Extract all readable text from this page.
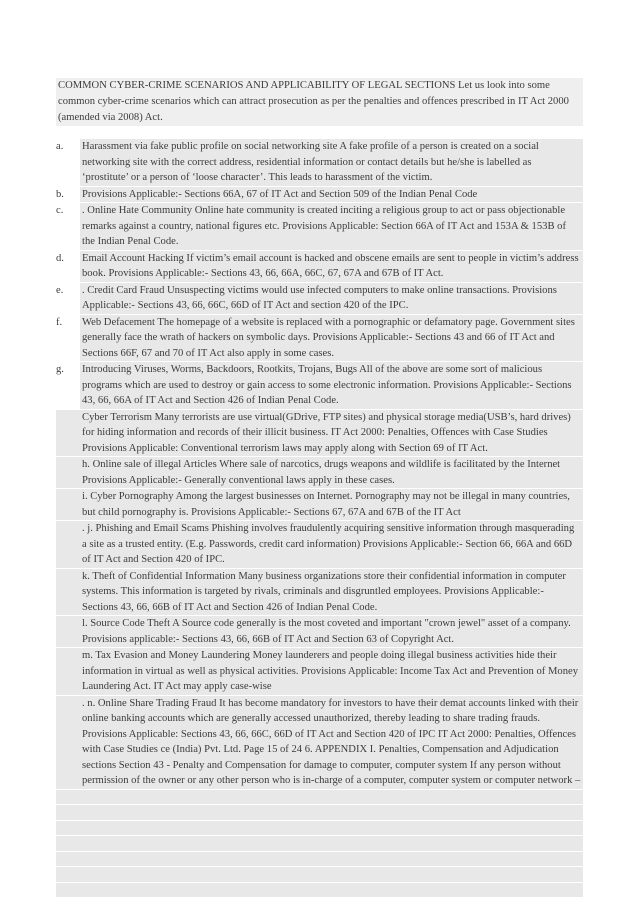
COMMON CYBER-CRIME SCENARIOS AND APPLICABILITY OF LEGAL SECTIONS Let us look into some common cyber-crime scenarios which can attract prosecution as per the penalties and offences prescribed in IT Act 2000 (amended via 2008) Act.
a.	Harassment via fake public profile on social networking site A fake profile of a person is created on a social networking site with the correct address, residential information or contact details but he/she is labelled as ‘prostitute’ or a person of ‘loose character’. This leads to harassment of the victim.
b.	Provisions Applicable:- Sections 66A, 67 of IT Act and Section 509 of the Indian Penal Code
c.	. Online Hate Community Online hate community is created inciting a religious group to act or pass objectionable remarks against a country, national figures etc. Provisions Applicable: Section 66A of IT Act and 153A & 153B of the Indian Penal Code.
d.	Email Account Hacking If victim’s email account is hacked and obscene emails are sent to people in victim’s address book. Provisions Applicable:- Sections 43, 66, 66A, 66C, 67, 67A and 67B of IT Act.
e.	. Credit Card Fraud Unsuspecting victims would use infected computers to make online transactions. Provisions Applicable:- Sections 43, 66, 66C, 66D of IT Act and section 420 of the IPC.
f.	Web Defacement The homepage of a website is replaced with a pornographic or defamatory page. Government sites generally face the wrath of hackers on symbolic days. Provisions Applicable:- Sections 43 and 66 of IT Act and Sections 66F, 67 and 70 of IT Act also apply in some cases.
g.	Introducing Viruses, Worms, Backdoors, Rootkits, Trojans, Bugs All of the above are some sort of malicious programs which are used to destroy or gain access to some electronic information. Provisions Applicable:- Sections 43, 66, 66A of IT Act and Section 426 of Indian Penal Code.
Cyber Terrorism Many terrorists are use virtual(GDrive, FTP sites) and physical storage media(USB’s, hard drives) for hiding information and records of their illicit business. IT Act 2000: Penalties, Offences with Case Studies Provisions Applicable: Conventional terrorism laws may apply along with Section 69 of IT Act.
h. Online sale of illegal Articles Where sale of narcotics, drugs weapons and wildlife is facilitated by the Internet Provisions Applicable:- Generally conventional laws apply in these cases.
i. Cyber Pornography Among the largest businesses on Internet. Pornography may not be illegal in many countries, but child pornography is. Provisions Applicable:- Sections 67, 67A and 67B of the IT Act
. j. Phishing and Email Scams Phishing involves fraudulently acquiring sensitive information through masquerading a site as a trusted entity. (E.g. Passwords, credit card information) Provisions Applicable:- Section 66, 66A and 66D of IT Act and Section 420 of IPC.
k. Theft of Confidential Information Many business organizations store their confidential information in computer systems. This information is targeted by rivals, criminals and disgruntled employees. Provisions Applicable:- Sections 43, 66, 66B of IT Act and Section 426 of Indian Penal Code.
l. Source Code Theft A Source code generally is the most coveted and important "crown jewel" asset of a company. Provisions applicable:- Sections 43, 66, 66B of IT Act and Section 63 of Copyright Act.
m. Tax Evasion and Money Laundering Money launderers and people doing illegal business activities hide their information in virtual as well as physical activities. Provisions Applicable: Income Tax Act and Prevention of Money Laundering Act. IT Act may apply case-wise
. n. Online Share Trading Fraud It has become mandatory for investors to have their demat accounts linked with their online banking accounts which are generally accessed unauthorized, thereby leading to share trading frauds. Provisions Applicable: Sections 43, 66, 66C, 66D of IT Act and Section 420 of IPC IT Act 2000: Penalties, Offences with Case Studies ce (India) Pvt. Ltd. Page 15 of 24 6. APPENDIX I. Penalties, Compensation and Adjudication sections Section 43 - Penalty and Compensation for damage to computer, computer system If any person without permission of the owner or any other person who is in-charge of a computer, computer system or computer network –
